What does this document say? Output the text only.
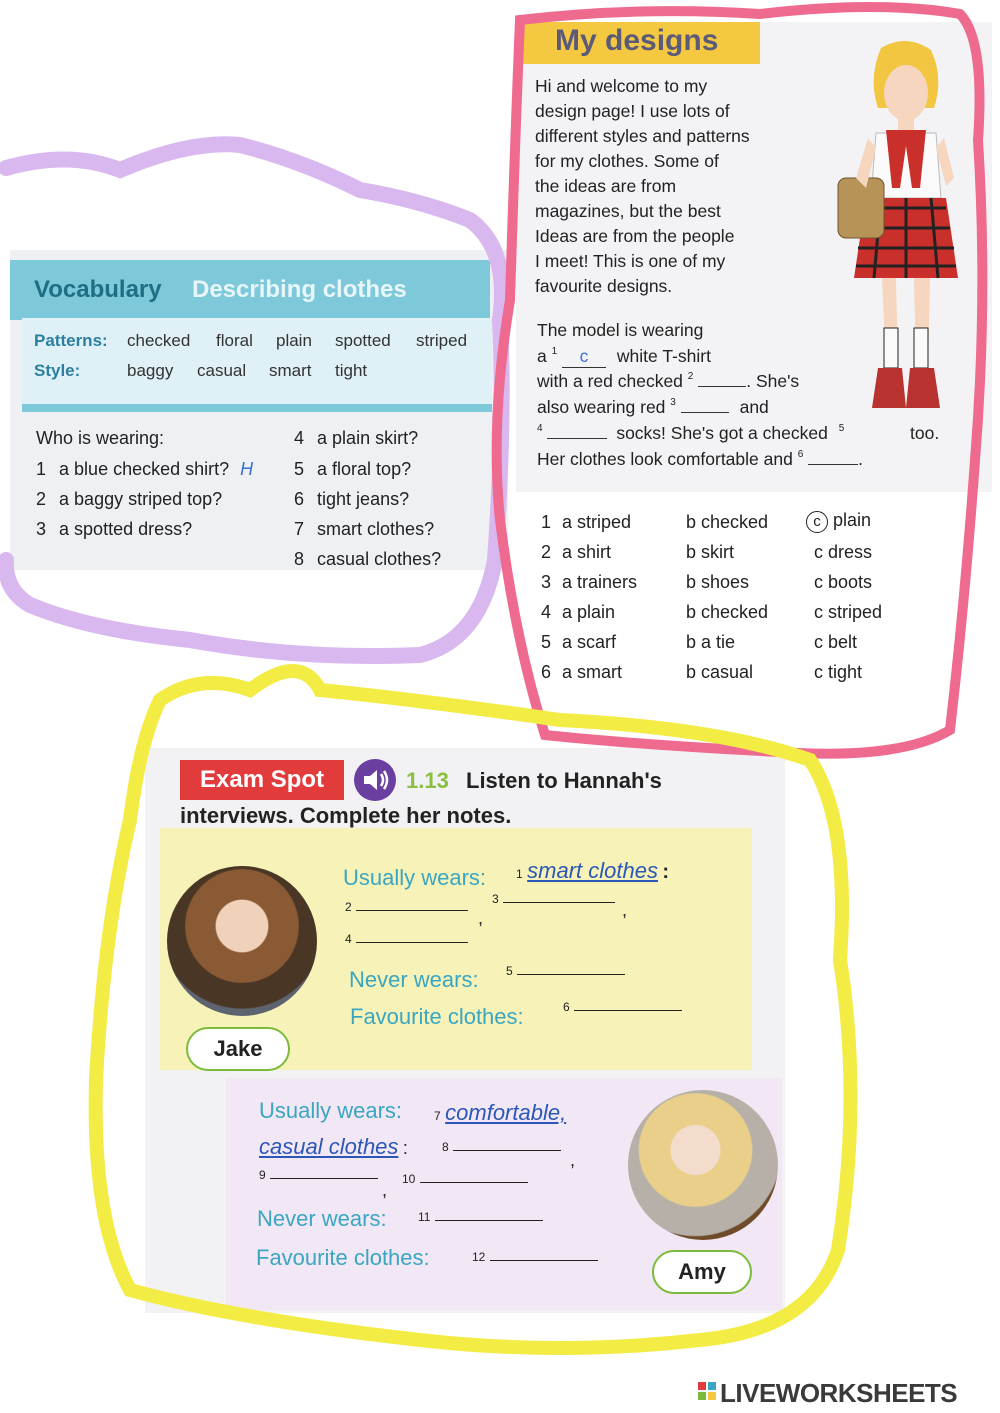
Vocabulary Describing clothes
Patterns: checked floral plain spotted striped
Style:	baggy casual smart tight
Who is wearing:
1 a blue checked shirt? H
2 a baggy striped top?
3 a spotted dress?
4 a plain skirt?
5 a floral top?
6 tight jeans?
7 smart clothes?
8 casual clothes?
My designs
Hi and welcome to my
design page! I use lots of
different styles and patterns
for my clothes. Some of
the ideas are from
magazines, but the best
Ideas are from the people
I meet! This is one of my
favourite designs.
The model is wearing
a $^1$ c white T-shirt
with a red checked $^2$	. She's
also wearing red $^3$	and
$^4$	socks! She's got a checked $^5$	too.
Her clothes look comfortable and $^6$	.
1 a striped	b checked	c plain
2 a shirt	b skirt	c dress
3 a trainers	b shoes	c boots
4 a plain	b checked	c striped
5 a scarf	b a tie	c belt
6 a smart	b casual	c tight
Exam Spot	1.13 Listen to Hannah's
interviews. Complete her notes.
Jake
Usually wears: 1 smart clothes :
2
,
3
,
4
Never wears: 5
Favourite clothes:	6
Amy
Usually wears:	7 comfortable,
casual clothes :	8
,
9
,
10
Never wears:	11
Favourite clothes:	12
LIVEWORKSHEETS
